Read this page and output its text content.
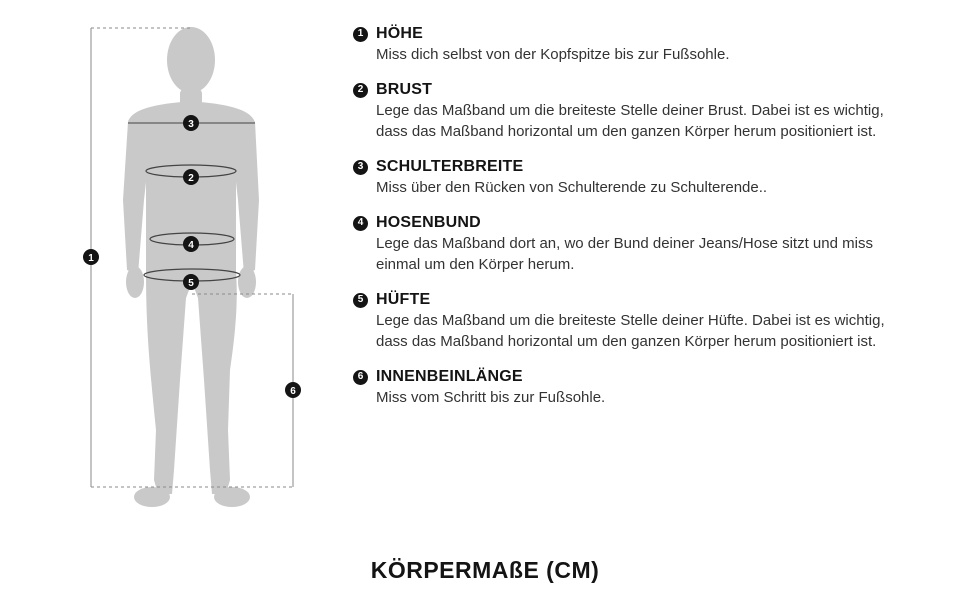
1
3
2
4
5
6
1 HÖHE
Miss dich selbst von der Kopfspitze bis zur Fußsohle.
2 BRUST
Lege das Maßband um die breiteste Stelle deiner Brust. Dabei ist es wichtig, dass das Maßband horizontal um den ganzen Körper herum positioniert ist.
3 SCHULTERBREITE
Miss über den Rücken von Schulterende zu Schulterende..
4 HOSENBUND
Lege das Maßband dort an, wo der Bund deiner Jeans/Hose sitzt und miss einmal um den Körper herum.
5 HÜFTE
Lege das Maßband um die breiteste Stelle deiner Hüfte. Dabei ist es wichtig, dass das Maßband horizontal um den ganzen Körper herum positioniert ist.
6 INNENBEINLÄNGE
Miss vom Schritt bis zur Fußsohle.
KÖRPERMAßE (CM)
